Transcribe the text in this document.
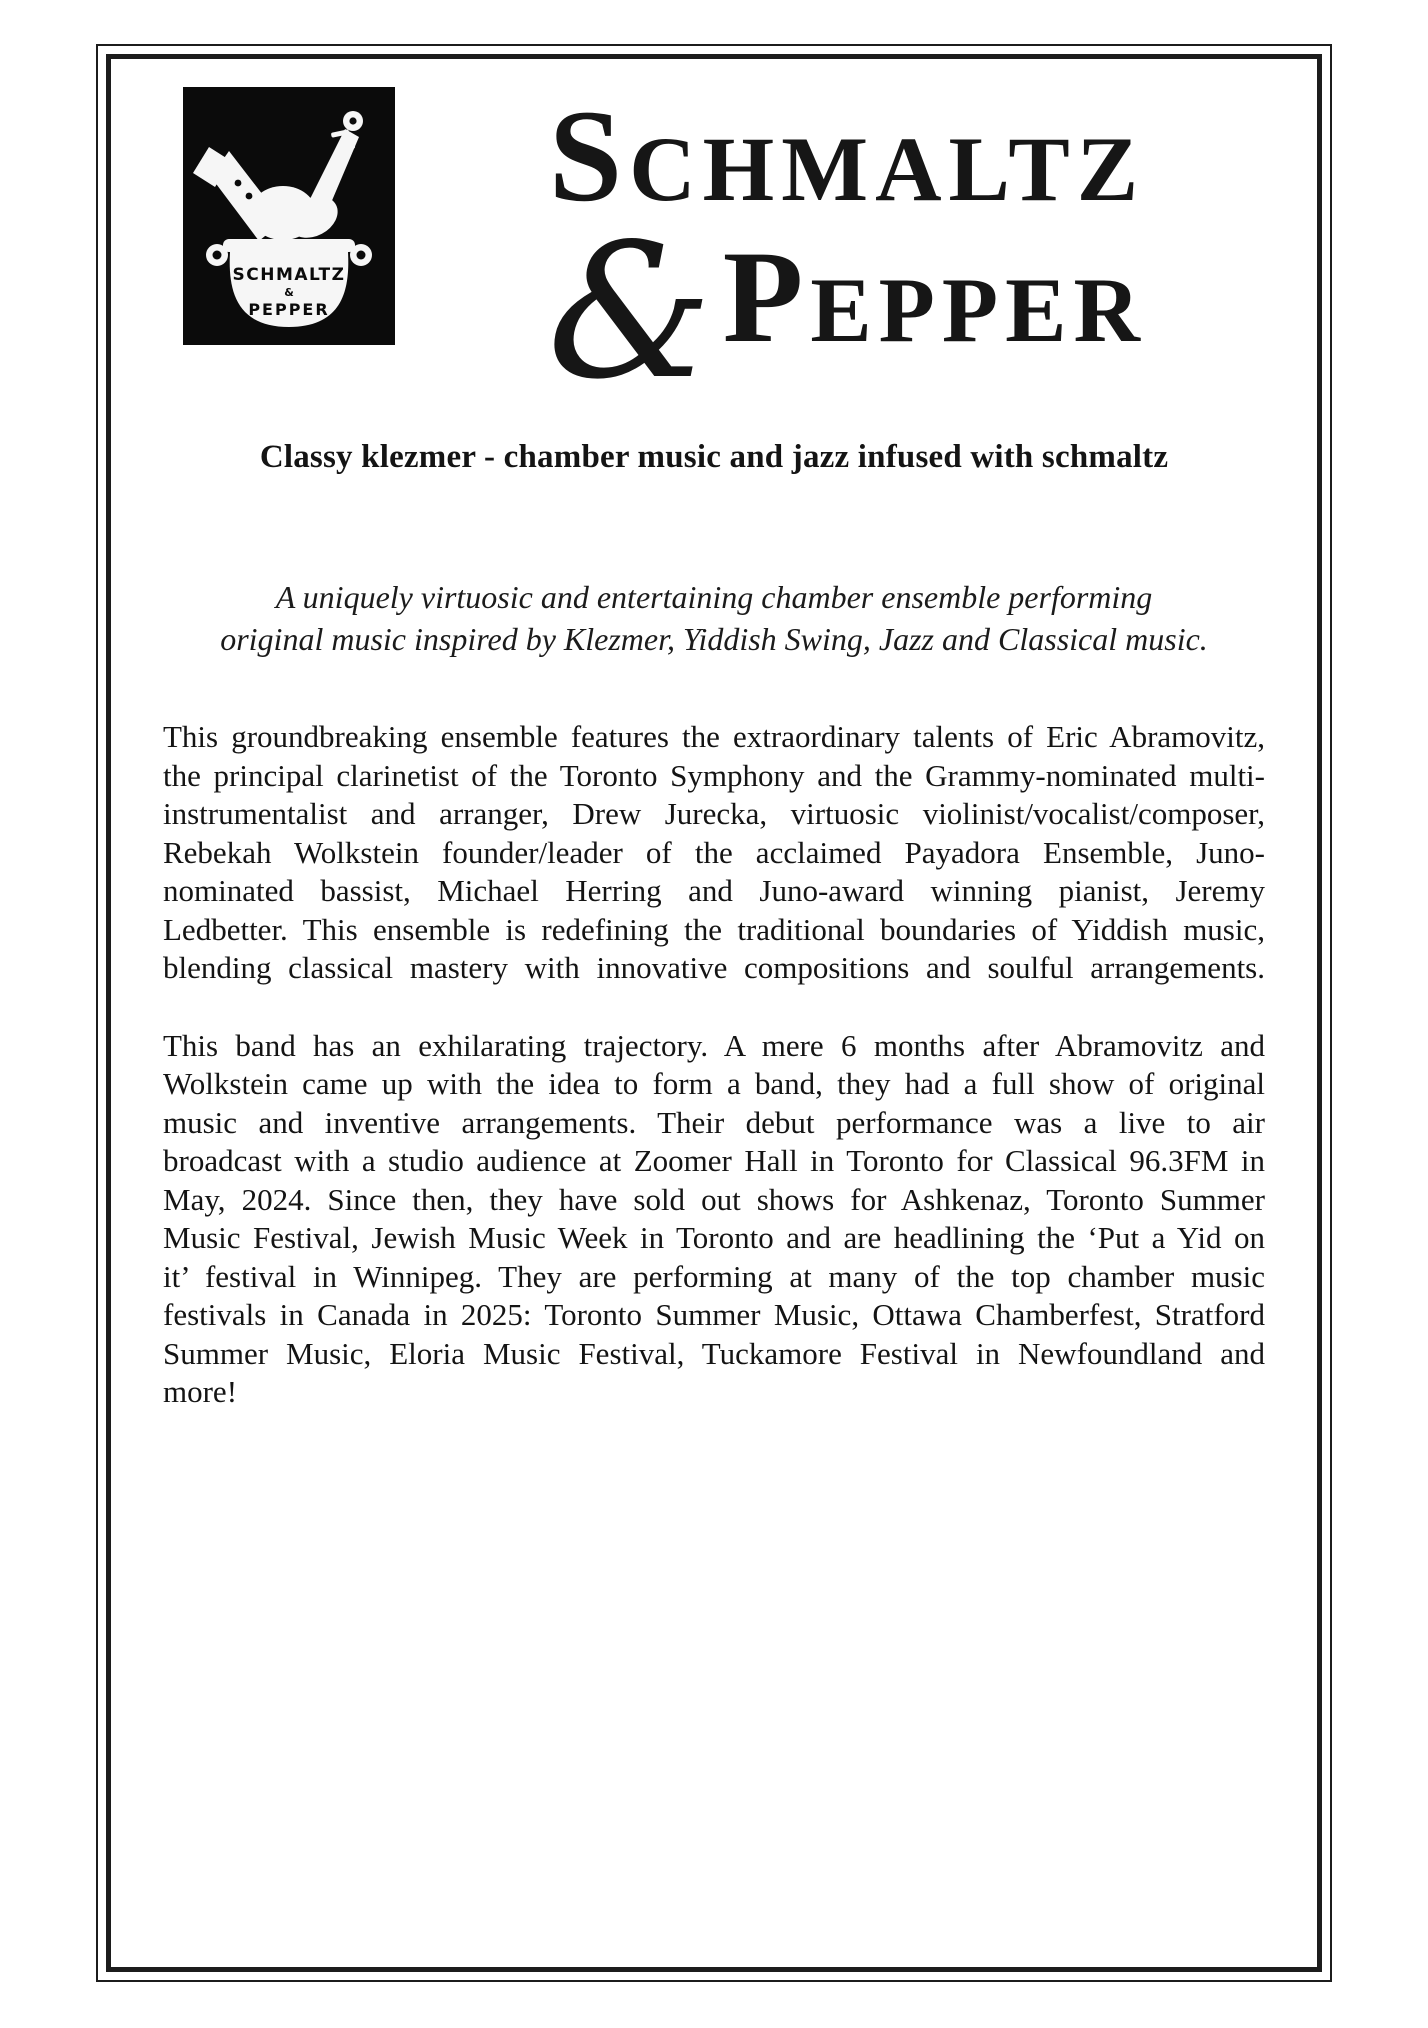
SCHMALTZ
&
PEPPER
Schmaltz
& Pepper
Classy klezmer - chamber music and jazz infused with schmaltz

A uniquely virtuosic and entertaining chamber ensemble performing
original music inspired by Klezmer, Yiddish Swing, Jazz and Classical music.

This groundbreaking ensemble features the extraordinary talents of Eric Abramovitz, the principal clarinetist of the Toronto Symphony and the Grammy-nominated multi-instrumentalist and arranger, Drew Jurecka, virtuosic violinist/vocalist/composer, Rebekah Wolkstein founder/leader of the acclaimed Payadora Ensemble, Juno-nominated bassist, Michael Herring and Juno-award winning pianist, Jeremy Ledbetter. This ensemble is redefining the traditional boundaries of Yiddish music, blending classical mastery with innovative compositions and soulful arrangements.

This band has an exhilarating trajectory. A mere 6 months after Abramovitz and Wolkstein came up with the idea to form a band, they had a full show of original music and inventive arrangements. Their debut performance was a live to air broadcast with a studio audience at Zoomer Hall in Toronto for Classical 96.3FM in May, 2024. Since then, they have sold out shows for Ashkenaz, Toronto Summer Music Festival, Jewish Music Week in Toronto and are headlining the ‘Put a Yid on it’ festival in Winnipeg. They are performing at many of the top chamber music festivals in Canada in 2025: Toronto Summer Music, Ottawa Chamberfest, Stratford Summer Music, Eloria Music Festival, Tuckamore Festival in Newfoundland and more!
